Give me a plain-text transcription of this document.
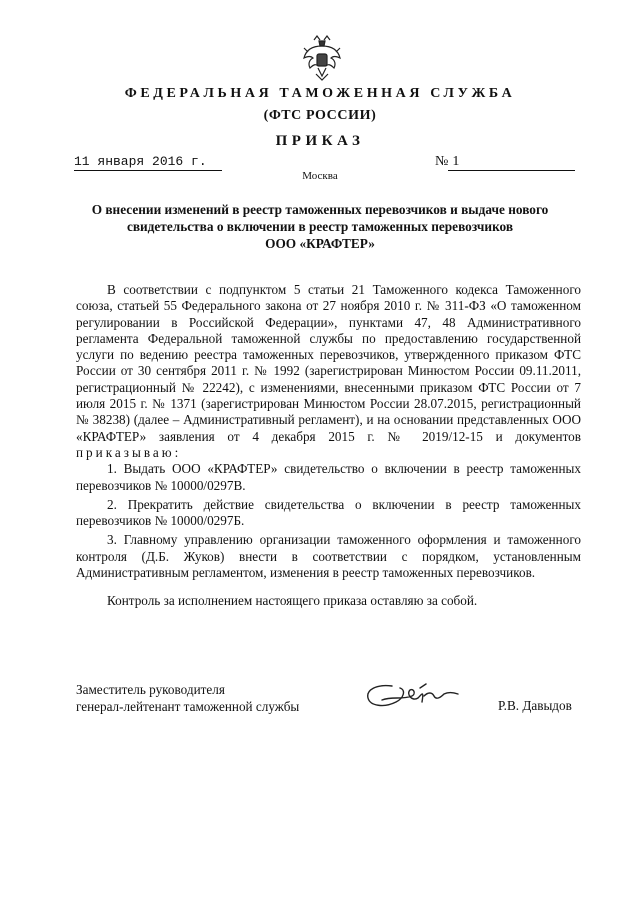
ФЕДЕРАЛЬНАЯ ТАМОЖЕННАЯ СЛУЖБА
(ФТС РОССИИ)
ПРИКАЗ
11 января 2016 г.	№ 1
Москва
О внесении изменений в реестр таможенных перевозчиков и выдаче нового
свидетельства о включении в реестр таможенных перевозчиков
ООО «КРАФТЕР»

В соответствии с подпунктом 5 статьи 21 Таможенного кодекса Таможенного союза, статьей 55 Федерального закона от 27 ноября 2010 г. № 311-ФЗ «О таможенном регулировании в Российской Федерации», пунктами 47, 48 Административного регламента Федеральной таможенной службы по предоставлению государственной услуги по ведению реестра таможенных перевозчиков, утвержденного приказом ФТС России от 30 сентября 2011 г. № 1992 (зарегистрирован Минюстом России 09.11.2011, регистрационный № 22242), с изменениями, внесенными приказом ФТС России от 7 июля 2015 г. № 1371 (зарегистрирован Минюстом России 28.07.2015, регистрационный № 38238) (далее – Административный регламент), и на основании представленных ООО «КРАФТЕР» заявления от 4 декабря 2015 г. № 2019/12-15 и документов приказываю:

1. Выдать ООО «КРАФТЕР» свидетельство о включении в реестр таможенных перевозчиков № 10000/0297В.

2. Прекратить действие свидетельства о включении в реестр таможенных перевозчиков № 10000/0297Б.

3. Главному управлению организации таможенного оформления и таможенного контроля (Д.Б. Жуков) внести в соответствии с порядком, установленным Административным регламентом, изменения в реестр таможенных перевозчиков.

Контроль за исполнением настоящего приказа оставляю за собой.

Заместитель руководителя
генерал-лейтенант таможенной службы	Р.В. Давыдов
